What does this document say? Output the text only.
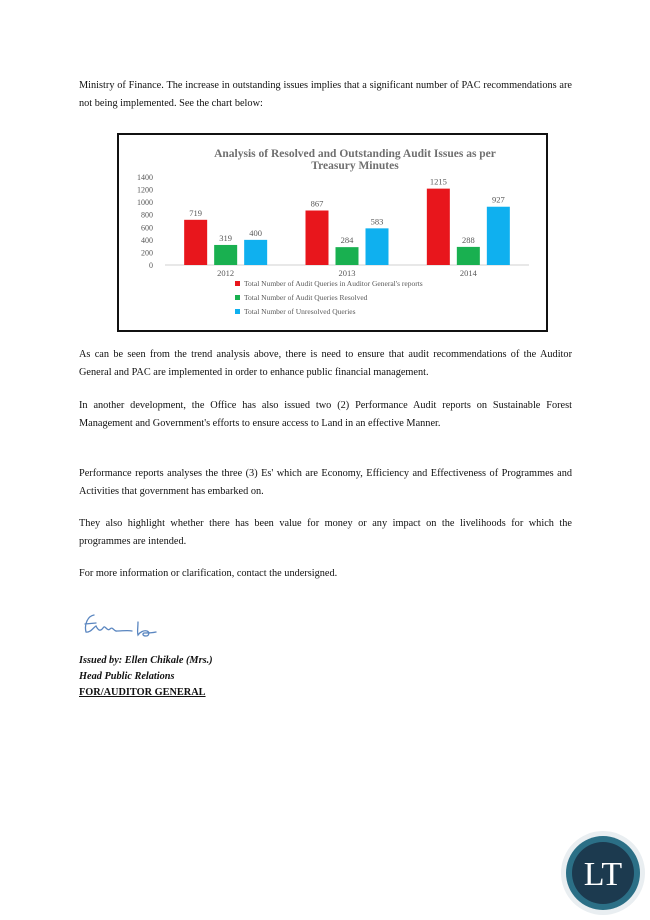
Ministry of Finance. The increase in outstanding issues implies that a significant number of PAC recommendations are not being implemented. See the chart below:

Analysis of Resolved and Outstanding Audit Issues as per
Treasury Minutes
0
200
400
600
800
1000
1200
1400
719
319
400
2012
867
284
583
2013
1215
288
927
2014
Total Number of Audit Queries in Auditor General's reports
Total Number of Audit Queries Resolved
Total Number of Unresolved Queries

As can be seen from the trend analysis above, there is need to ensure that audit recommendations of the Auditor General and PAC are implemented in order to enhance public financial management.

In another development, the Office has also issued two (2) Performance Audit reports on Sustainable Forest Management and Government's efforts to ensure access to Land in an effective Manner.

Performance reports analyses the three (3) Es' which are Economy, Efficiency and Effectiveness of Programmes and Activities that government has embarked on.

They also highlight whether there has been value for money or any impact on the livelihoods for which the programmes are intended.

For more information or clarification, contact the undersigned.

Issued by: Ellen Chikale (Mrs.)

Head Public Relations

FOR/AUDITOR GENERAL

LT
